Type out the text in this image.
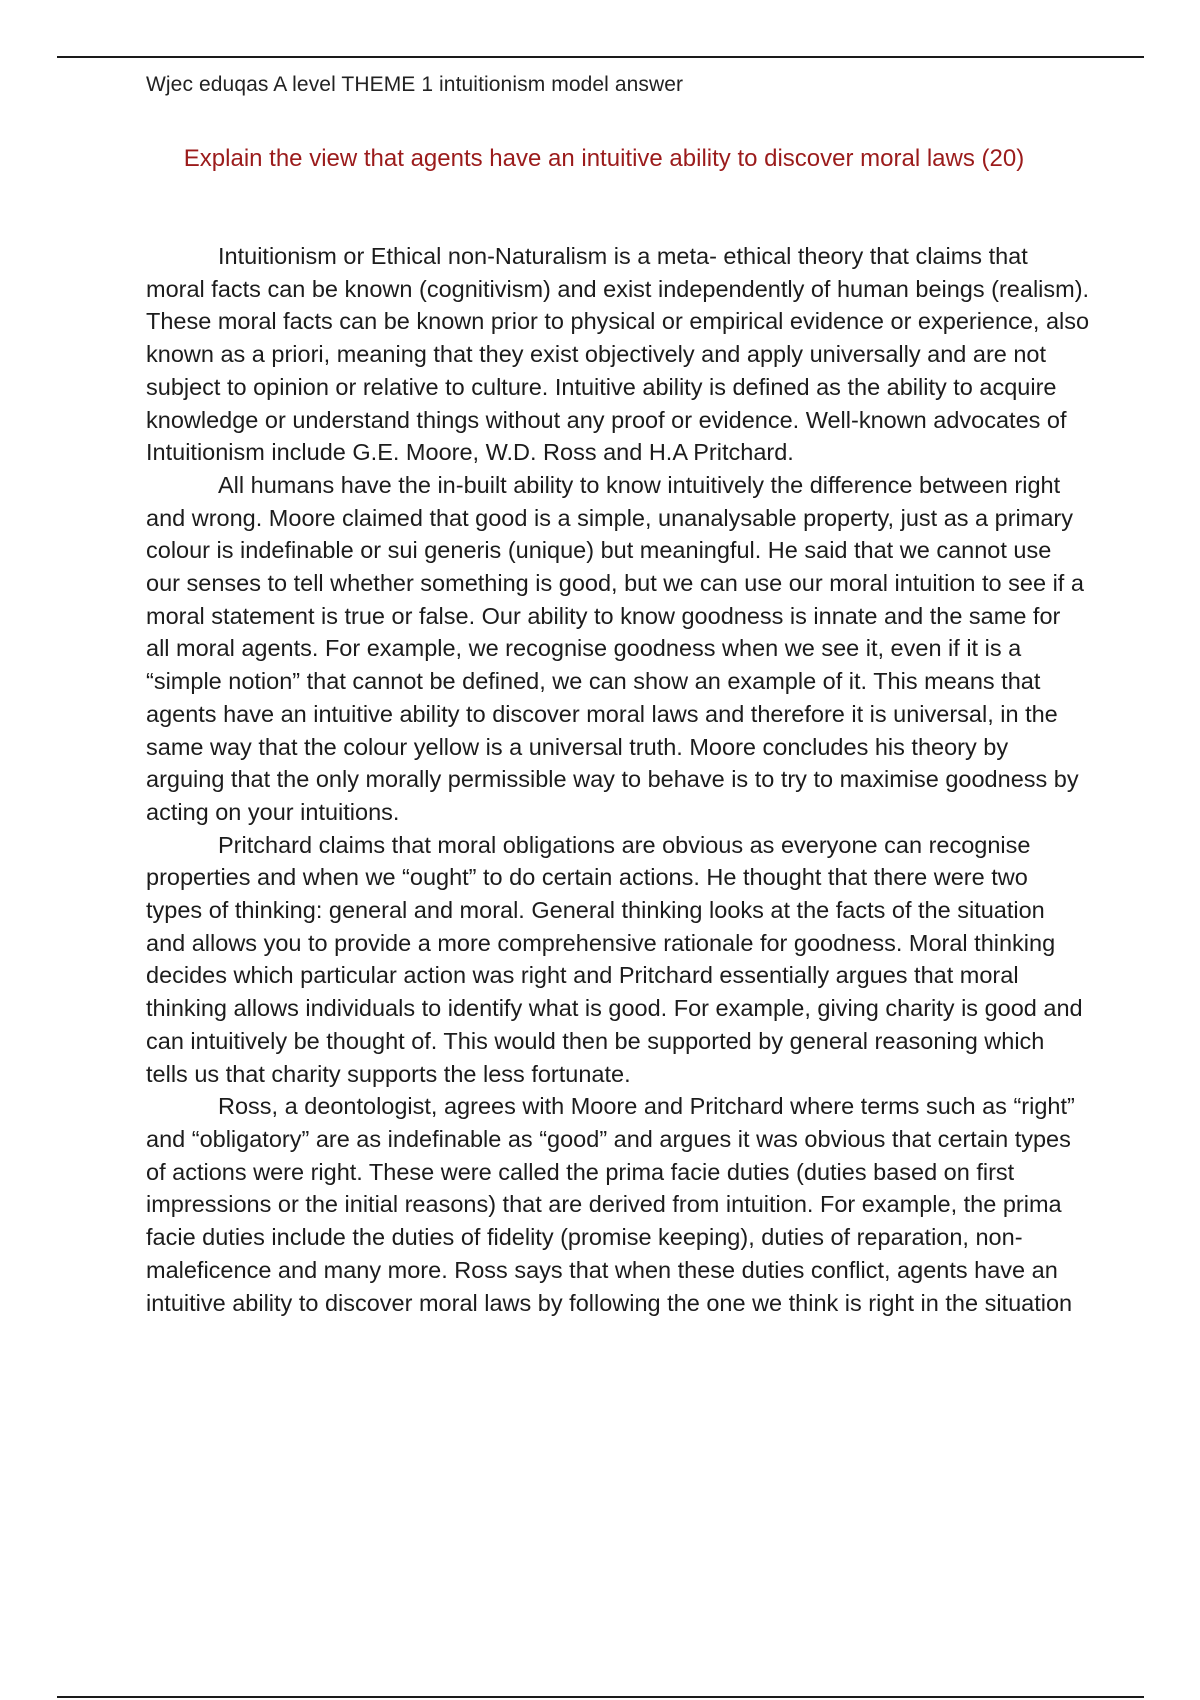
Wjec eduqas A level THEME 1 intuitionism model answer
Explain the view that agents have an intuitive ability to discover moral laws (20)

Intuitionism or Ethical non-Naturalism is a meta- ethical theory that claims that moral facts can be known (cognitivism) and exist independently of human beings (realism). These moral facts can be known prior to physical or empirical evidence or experience, also known as a priori, meaning that they exist objectively and apply universally and are not subject to opinion or relative to culture. Intuitive ability is defined as the ability to acquire knowledge or understand things without any proof or evidence. Well-known advocates of Intuitionism include G.E. Moore, W.D. Ross and H.A Pritchard.

All humans have the in-built ability to know intuitively the difference between right and wrong. Moore claimed that good is a simple, unanalysable property, just as a primary colour is indefinable or sui generis (unique) but meaningful. He said that we cannot use our senses to tell whether something is good, but we can use our moral intuition to see if a moral statement is true or false. Our ability to know goodness is innate and the same for all moral agents. For example, we recognise goodness when we see it, even if it is a “simple notion” that cannot be defined, we can show an example of it. This means that agents have an intuitive ability to discover moral laws and therefore it is universal, in the same way that the colour yellow is a universal truth. Moore concludes his theory by arguing that the only morally permissible way to behave is to try to maximise goodness by acting on your intuitions.

Pritchard claims that moral obligations are obvious as everyone can recognise properties and when we “ought” to do certain actions. He thought that there were two types of thinking: general and moral. General thinking looks at the facts of the situation and allows you to provide a more comprehensive rationale for goodness. Moral thinking decides which particular action was right and Pritchard essentially argues that moral thinking allows individuals to identify what is good. For example, giving charity is good and can intuitively be thought of. This would then be supported by general reasoning which tells us that charity supports the less fortunate.

Ross, a deontologist, agrees with Moore and Pritchard where terms such as “right” and “obligatory” are as indefinable as “good” and argues it was obvious that certain types of actions were right. These were called the prima facie duties (duties based on first impressions or the initial reasons) that are derived from intuition. For example, the prima facie duties include the duties of fidelity (promise keeping), duties of reparation, non-maleficence and many more. Ross says that when these duties conflict, agents have an intuitive ability to discover moral laws by following the one we think is right in the situation
